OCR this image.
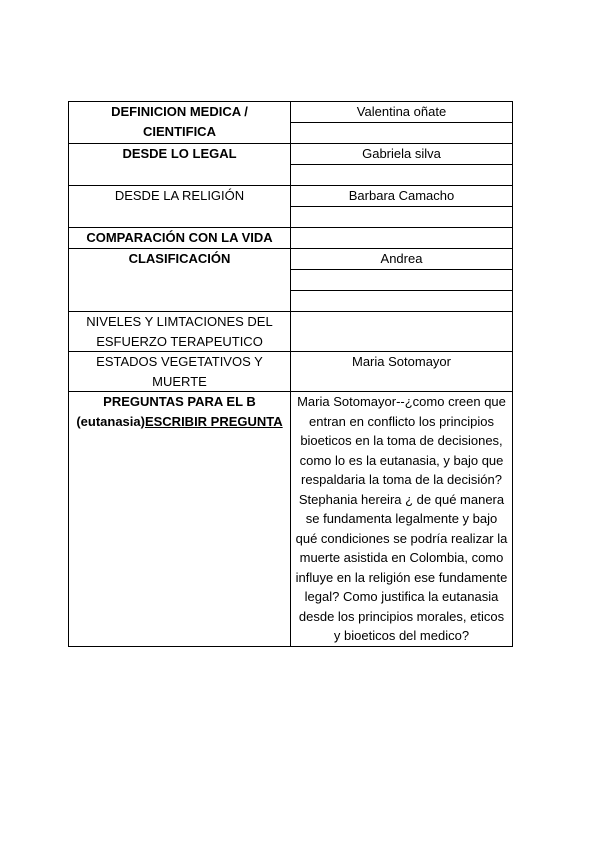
DEFINICION MEDICA / CIENTIFICA	Valentina oñate

DESDE LO LEGAL	Gabriela silva

DESDE LA RELIGIÓN	Barbara Camacho

COMPARACIÓN CON LA VIDA	

CLASIFICACIÓN	Andrea

NIVELES Y LIMTACIONES DEL ESFUERZO TERAPEUTICO	

ESTADOS VEGETATIVOS Y MUERTE	Maria Sotomayor

PREGUNTAS PARA EL B (eutanasia)ESCRIBIR PREGUNTA	Maria Sotomayor--¿como creen que entran en conflicto los principios bioeticos en la toma de decisiones, como lo es la eutanasia, y bajo que respaldaria la toma de la decisión? Stephania hereira ¿ de qué manera se fundamenta legalmente y bajo qué condiciones se podría realizar la muerte asistida en Colombia, como influye en la religión ese fundamente legal? Como justifica la eutanasia desde los principios morales, eticos y bioeticos del medico?
